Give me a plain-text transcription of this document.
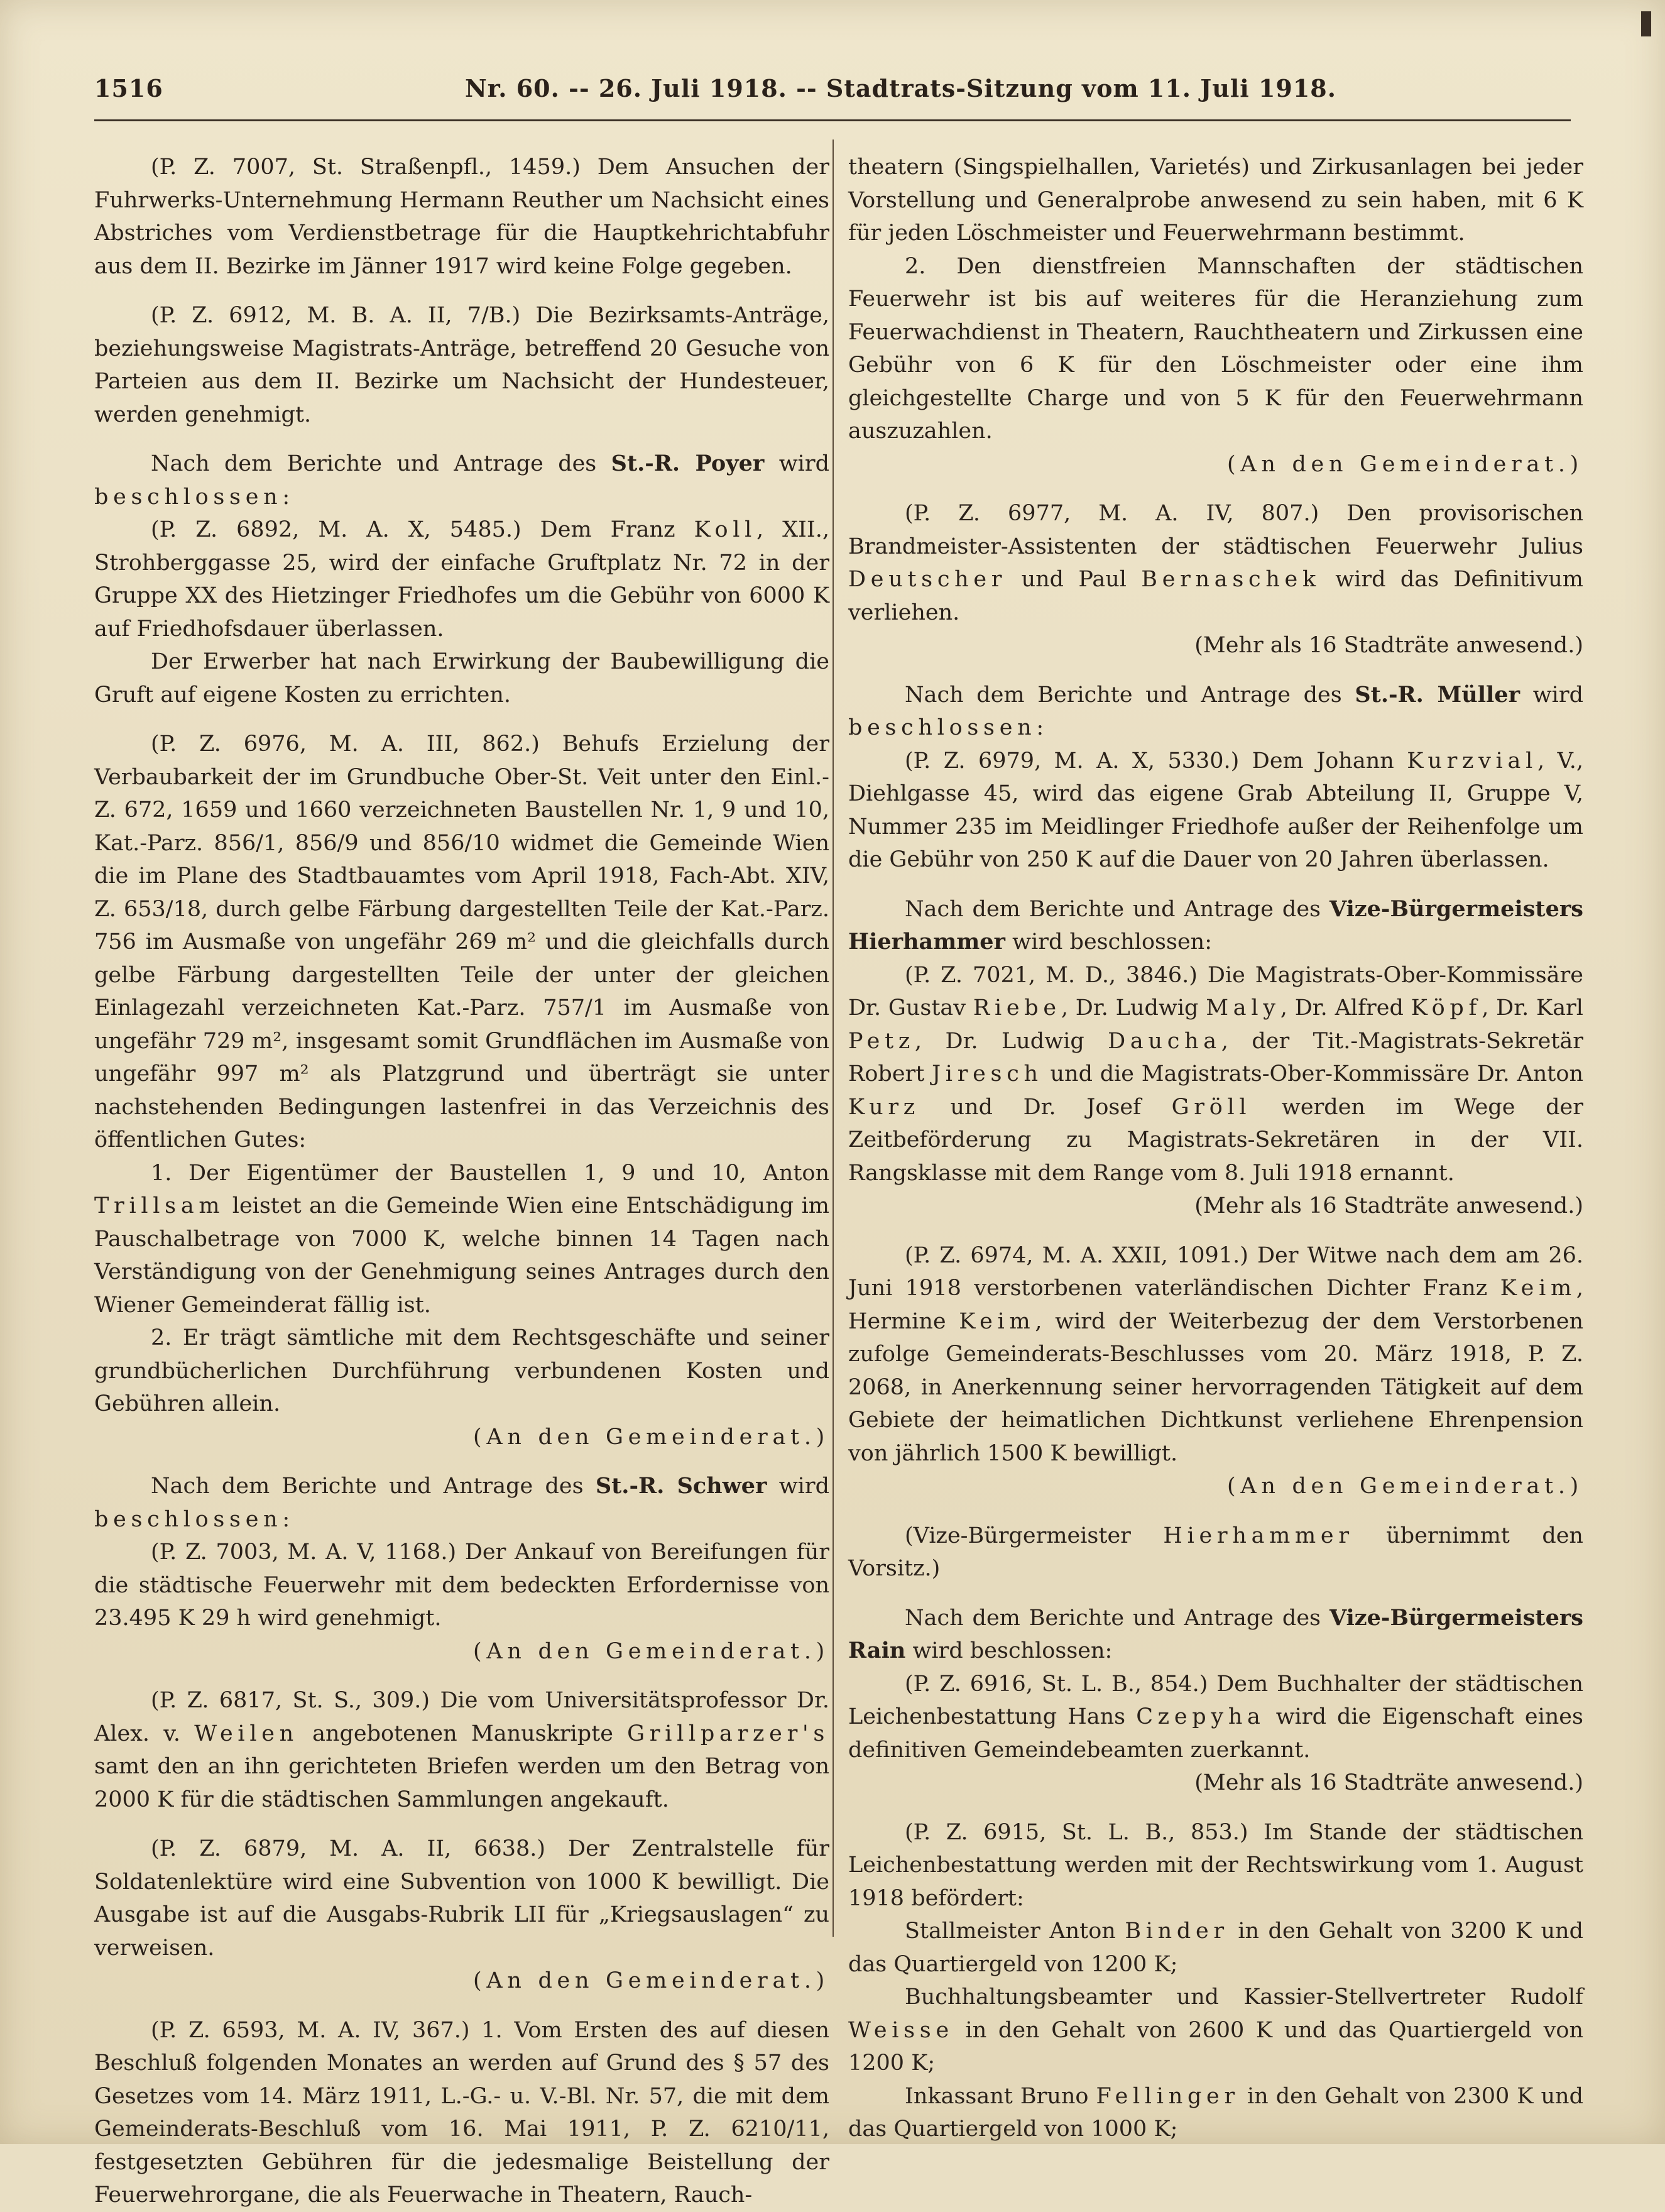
1516	Nr. 60. -- 26. Juli 1918. -- Stadtrats-Sitzung vom 11. Juli 1918.

(P. Z. 7007, St. Straßenpfl., 1459.) Dem Ansuchen der Fuhrwerks-Unternehmung Hermann Reuther um Nachsicht eines Abstriches vom Verdienstbetrage für die Hauptkehrichtabfuhr aus dem II. Bezirke im Jänner 1917 wird keine Folge gegeben.

(P. Z. 6912, M. B. A. II, 7/B.) Die Bezirksamts-Anträge, beziehungsweise Magistrats-Anträge, betreffend 20 Gesuche von Parteien aus dem II. Bezirke um Nachsicht der Hundesteuer, werden genehmigt.

Nach dem Berichte und Antrage des St.-R. Poyer wird beschlossen:

(P. Z. 6892, M. A. X, 5485.) Dem Franz Koll, XII., Strohberggasse 25, wird der einfache Gruftplatz Nr. 72 in der Gruppe XX des Hietzinger Friedhofes um die Gebühr von 6000 K auf Friedhofsdauer überlassen.

Der Erwerber hat nach Erwirkung der Baubewilligung die Gruft auf eigene Kosten zu errichten.

(P. Z. 6976, M. A. III, 862.) Behufs Erzielung der Verbaubarkeit der im Grundbuche Ober-St. Veit unter den Einl.-Z. 672, 1659 und 1660 verzeichneten Baustellen Nr. 1, 9 und 10, Kat.-Parz. 856/1, 856/9 und 856/10 widmet die Gemeinde Wien die im Plane des Stadtbauamtes vom April 1918, Fach-Abt. XIV, Z. 653/18, durch gelbe Färbung dargestellten Teile der Kat.-Parz. 756 im Ausmaße von ungefähr 269 m² und die gleichfalls durch gelbe Färbung dargestellten Teile der unter der gleichen Einlagezahl verzeichneten Kat.-Parz. 757/1 im Ausmaße von ungefähr 729 m², insgesamt somit Grundflächen im Ausmaße von ungefähr 997 m² als Platzgrund und überträgt sie unter nachstehenden Bedingungen lastenfrei in das Verzeichnis des öffentlichen Gutes:

1. Der Eigentümer der Baustellen 1, 9 und 10, Anton Trillsam leistet an die Gemeinde Wien eine Entschädigung im Pauschalbetrage von 7000 K, welche binnen 14 Tagen nach Verständigung von der Genehmigung seines Antrages durch den Wiener Gemeinderat fällig ist.

2. Er trägt sämtliche mit dem Rechtsgeschäfte und seiner grundbücherlichen Durchführung verbundenen Kosten und Gebühren allein.

(An den Gemeinderat.)

Nach dem Berichte und Antrage des St.-R. Schwer wird beschlossen:

(P. Z. 7003, M. A. V, 1168.) Der Ankauf von Bereifungen für die städtische Feuerwehr mit dem bedeckten Erfordernisse von 23.495 K 29 h wird genehmigt.

(An den Gemeinderat.)

(P. Z. 6817, St. S., 309.) Die vom Universitätsprofessor Dr. Alex. v. Weilen angebotenen Manuskripte Grillparzer's samt den an ihn gerichteten Briefen werden um den Betrag von 2000 K für die städtischen Sammlungen angekauft.

(P. Z. 6879, M. A. II, 6638.) Der Zentralstelle für Soldatenlektüre wird eine Subvention von 1000 K bewilligt. Die Ausgabe ist auf die Ausgabs-Rubrik LII für „Kriegsauslagen“ zu verweisen.

(An den Gemeinderat.)

(P. Z. 6593, M. A. IV, 367.) 1. Vom Ersten des auf diesen Beschluß folgenden Monates an werden auf Grund des § 57 des Gesetzes vom 14. März 1911, L.-G.- u. V.-Bl. Nr. 57, die mit dem Gemeinderats-Beschluß vom 16. Mai 1911, P. Z. 6210/11, festgesetzten Gebühren für die jedesmalige Beistellung der Feuerwehrorgane, die als Feuerwache in Theatern, Rauch-

theatern (Singspielhallen, Varietés) und Zirkusanlagen bei jeder Vorstellung und Generalprobe anwesend zu sein haben, mit 6 K für jeden Löschmeister und Feuerwehrmann bestimmt.

2. Den dienstfreien Mannschaften der städtischen Feuerwehr ist bis auf weiteres für die Heranziehung zum Feuerwachdienst in Theatern, Rauchtheatern und Zirkussen eine Gebühr von 6 K für den Löschmeister oder eine ihm gleichgestellte Charge und von 5 K für den Feuerwehrmann auszuzahlen.

(An den Gemeinderat.)

(P. Z. 6977, M. A. IV, 807.) Den provisorischen Brandmeister-Assistenten der städtischen Feuerwehr Julius Deutscher und Paul Bernaschek wird das Definitivum verliehen.

(Mehr als 16 Stadträte anwesend.)

Nach dem Berichte und Antrage des St.-R. Müller wird beschlossen:

(P. Z. 6979, M. A. X, 5330.) Dem Johann Kurzvial, V., Diehlgasse 45, wird das eigene Grab Abteilung II, Gruppe V, Nummer 235 im Meidlinger Friedhofe außer der Reihenfolge um die Gebühr von 250 K auf die Dauer von 20 Jahren überlassen.

Nach dem Berichte und Antrage des Vize-Bürgermeisters Hierhammer wird beschlossen:

(P. Z. 7021, M. D., 3846.) Die Magistrats-Ober-Kommissäre Dr. Gustav Riebe, Dr. Ludwig Maly, Dr. Alfred Köpf, Dr. Karl Petz, Dr. Ludwig Daucha, der Tit.-Magistrats-Sekretär Robert Jiresch und die Magistrats-Ober-Kommissäre Dr. Anton Kurz und Dr. Josef Gröll werden im Wege der Zeitbeförderung zu Magistrats-Sekretären in der VII. Rangsklasse mit dem Range vom 8. Juli 1918 ernannt.

(Mehr als 16 Stadträte anwesend.)

(P. Z. 6974, M. A. XXII, 1091.) Der Witwe nach dem am 26. Juni 1918 verstorbenen vaterländischen Dichter Franz Keim, Hermine Keim, wird der Weiterbezug der dem Verstorbenen zufolge Gemeinderats-Beschlusses vom 20. März 1918, P. Z. 2068, in Anerkennung seiner hervorragenden Tätigkeit auf dem Gebiete der heimatlichen Dichtkunst verliehene Ehrenpension von jährlich 1500 K bewilligt.

(An den Gemeinderat.)

(Vize-Bürgermeister Hierhammer übernimmt den Vorsitz.)

Nach dem Berichte und Antrage des Vize-Bürgermeisters Rain wird beschlossen:

(P. Z. 6916, St. L. B., 854.) Dem Buchhalter der städtischen Leichenbestattung Hans Czepyha wird die Eigenschaft eines definitiven Gemeindebeamten zuerkannt.

(Mehr als 16 Stadträte anwesend.)

(P. Z. 6915, St. L. B., 853.) Im Stande der städtischen Leichenbestattung werden mit der Rechtswirkung vom 1. August 1918 befördert:

Stallmeister Anton Binder in den Gehalt von 3200 K und das Quartiergeld von 1200 K;

Buchhaltungsbeamter und Kassier-Stellvertreter Rudolf Weisse in den Gehalt von 2600 K und das Quartiergeld von 1200 K;

Inkassant Bruno Fellinger in den Gehalt von 2300 K und das Quartiergeld von 1000 K;
